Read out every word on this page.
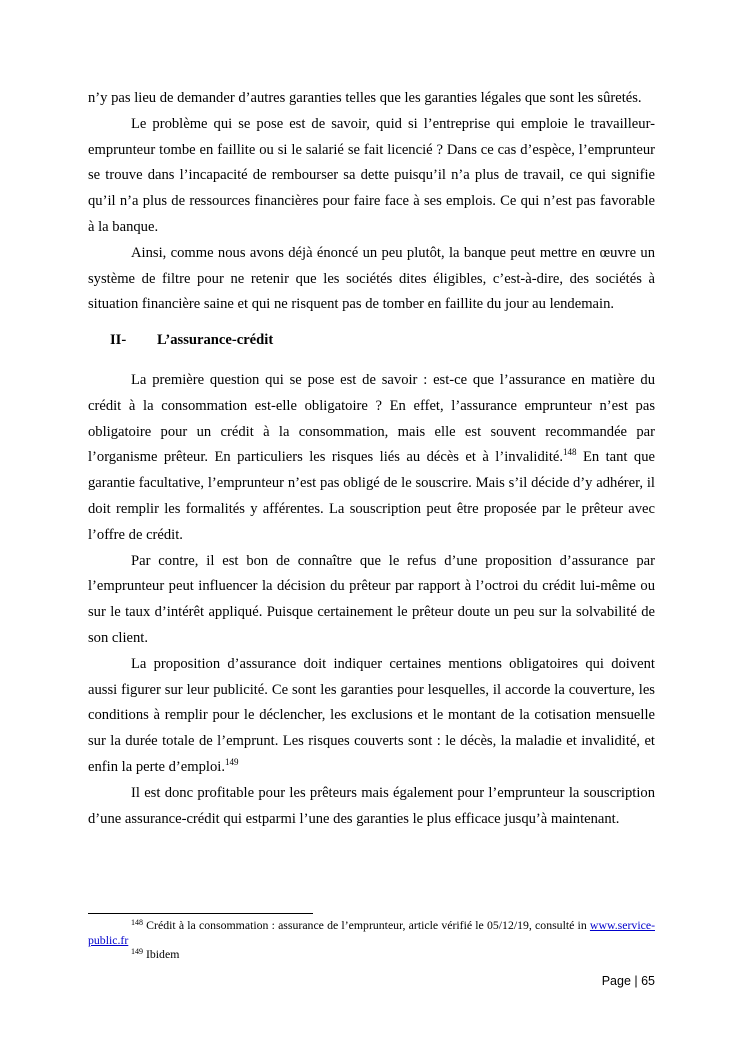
n’y pas lieu de demander d’autres garanties telles que les garanties légales que sont les sûretés.

Le problème qui se pose est de savoir, quid si l’entreprise qui emploie le travailleur-emprunteur tombe en faillite ou si le salarié se fait licencié ? Dans ce cas d’espèce, l’emprunteur se trouve dans l’incapacité de rembourser sa dette puisqu’il n’a plus de travail, ce qui signifie qu’il n’a plus de ressources financières pour faire face à ses emplois. Ce qui n’est pas favorable à la banque.

Ainsi, comme nous avons déjà énoncé un peu plutôt, la banque peut mettre en œuvre un système de filtre pour ne retenir que les sociétés dites éligibles, c’est-à-dire, des sociétés à situation financière saine et qui ne risquent pas de tomber en faillite du jour au lendemain.

II-	L’assurance-crédit

La première question qui se pose est de savoir : est-ce que l’assurance en matière du crédit à la consommation est-elle obligatoire ? En effet, l’assurance emprunteur n’est pas obligatoire pour un crédit à la consommation, mais elle est souvent recommandée par l’organisme prêteur. En particuliers les risques liés au décès et à l’invalidité.$^{148}$ En tant que garantie facultative, l’emprunteur n’est pas obligé de le souscrire. Mais s’il décide d’y adhérer, il doit remplir les formalités y afférentes. La souscription peut être proposée par le prêteur avec l’offre de crédit.

Par contre, il est bon de connaître que le refus d’une proposition d’assurance par l’emprunteur peut influencer la décision du prêteur par rapport à l’octroi du crédit lui-même ou sur le taux d’intérêt appliqué. Puisque certainement le prêteur doute un peu sur la solvabilité de son client.

La proposition d’assurance doit indiquer certaines mentions obligatoires qui doivent aussi figurer sur leur publicité. Ce sont les garanties pour lesquelles, il accorde la couverture, les conditions à remplir pour le déclencher, les exclusions et le montant de la cotisation mensuelle sur la durée totale de l’emprunt. Les risques couverts sont : le décès, la maladie et invalidité, et enfin la perte d’emploi.$^{149}$

Il est donc profitable pour les prêteurs mais également pour l’emprunteur la souscription d’une assurance-crédit qui estparmi l’une des garanties le plus efficace jusqu’à maintenant.

$^{148}$ Crédit à la consommation : assurance de l’emprunteur, article vérifié le 05/12/19, consulté in www.service-public.fr

$^{149}$ Ibidem

Page | 65
